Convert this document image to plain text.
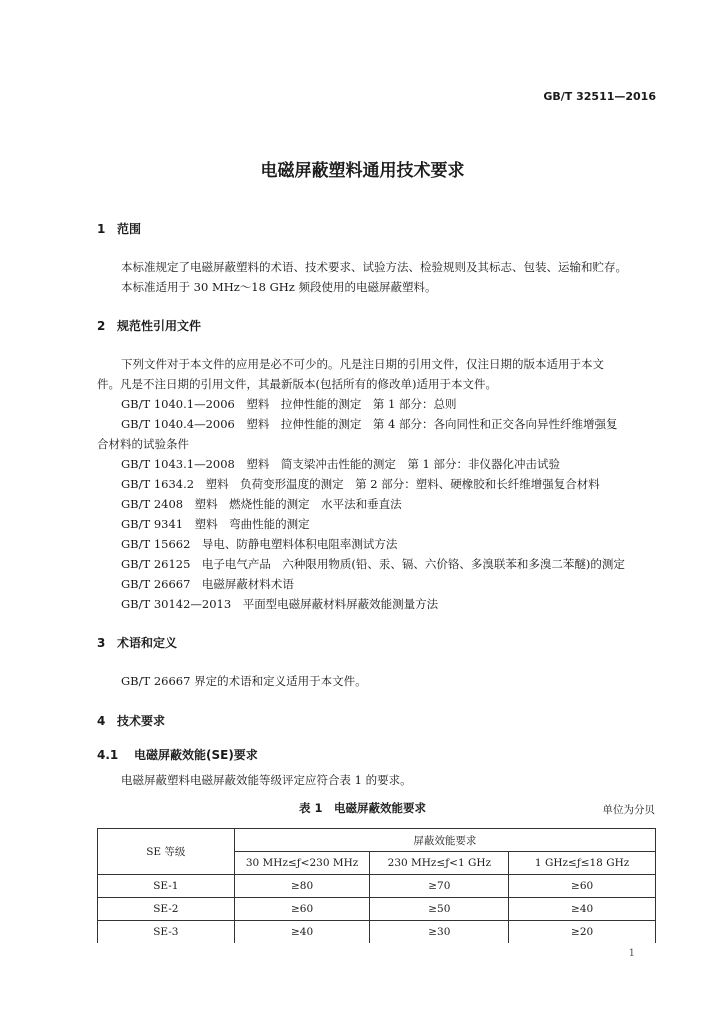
GB/T 32511—2016
电磁屏蔽塑料通用技术要求
1 范围
本标准规定了电磁屏蔽塑料的术语、技术要求、试验方法、检验规则及其标志、包装、运输和贮存。
本标准适用于 30 MHz～18 GHz 频段使用的电磁屏蔽塑料。
2 规范性引用文件
下列文件对于本文件的应用是必不可少的。凡是注日期的引用文件，仅注日期的版本适用于本文
件。凡是不注日期的引用文件，其最新版本(包括所有的修改单)适用于本文件。
GB/T 1040.1—2006　塑料　拉伸性能的测定　第 1 部分：总则
GB/T 1040.4—2006　塑料　拉伸性能的测定　第 4 部分：各向同性和正交各向异性纤维增强复
合材料的试验条件
GB/T 1043.1—2008　塑料　简支梁冲击性能的测定　第 1 部分：非仪器化冲击试验
GB/T 1634.2　塑料　负荷变形温度的测定　第 2 部分：塑料、硬橡胶和长纤维增强复合材料
GB/T 2408　塑料　燃烧性能的测定　水平法和垂直法
GB/T 9341　塑料　弯曲性能的测定
GB/T 15662　导电、防静电塑料体积电阻率测试方法
GB/T 26125　电子电气产品　六种限用物质(铅、汞、镉、六价铬、多溴联苯和多溴二苯醚)的测定
GB/T 26667　电磁屏蔽材料术语
GB/T 30142—2013　平面型电磁屏蔽材料屏蔽效能测量方法
3 术语和定义
GB/T 26667 界定的术语和定义适用于本文件。
4 技术要求
4.1 电磁屏蔽效能(SE)要求
电磁屏蔽塑料电磁屏蔽效能等级评定应符合表 1 的要求。
表 1　电磁屏蔽效能要求	单位为分贝
SE 等级	屏蔽效能要求		
	30 MHz≤ƒ<230 MHz	230 MHz≤ƒ<1 GHz	1 GHz≤ƒ≤18 GHz
SE-1	≥80	≥70	≥60
SE-2	≥60	≥50	≥40
SE-3	≥40	≥30	≥20
1
